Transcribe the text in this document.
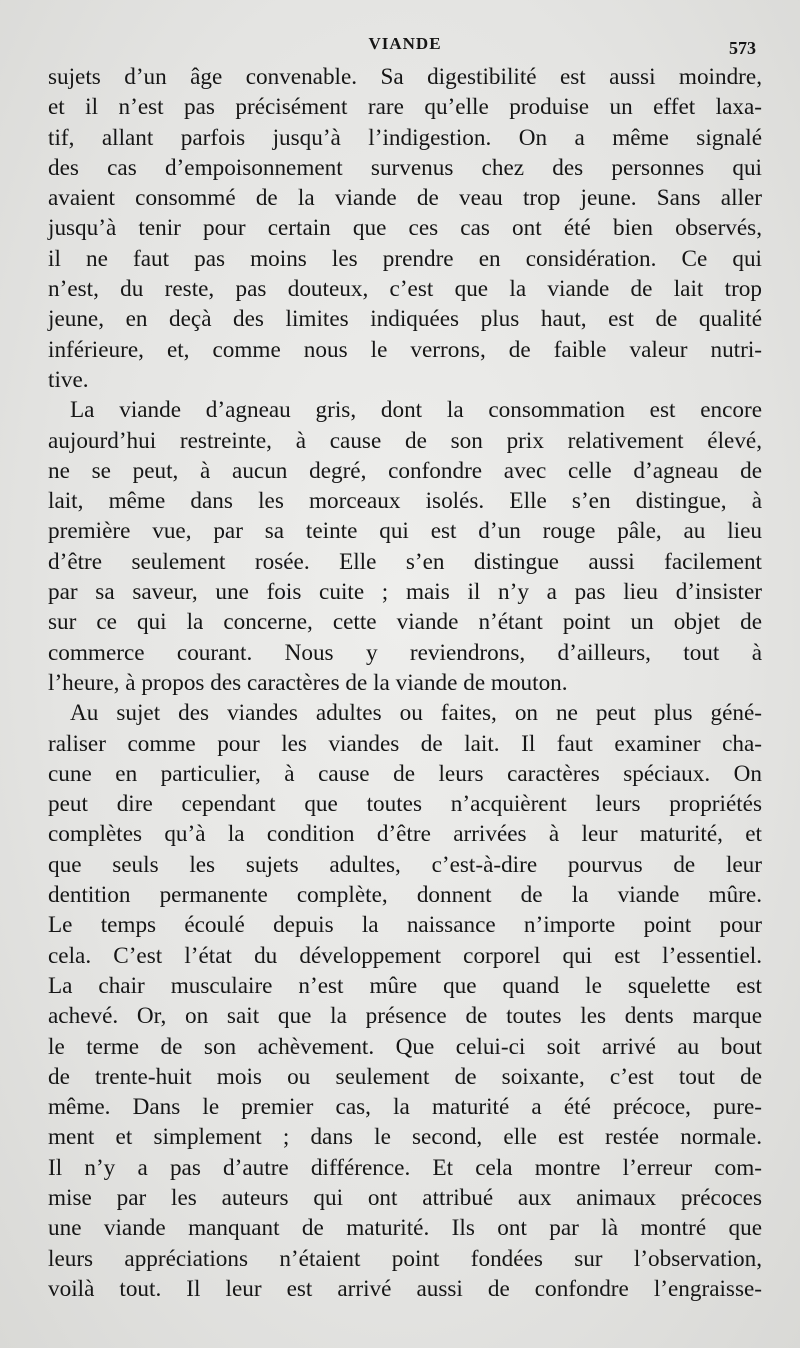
VIANDE	573
sujets d’un âge convenable. Sa digestibilité est aussi moindre,
et il n’est pas précisément rare qu’elle produise un effet laxa-
tif, allant parfois jusqu’à l’indigestion. On a même signalé
des cas d’empoisonnement survenus chez des personnes qui
avaient consommé de la viande de veau trop jeune. Sans aller
jusqu’à tenir pour certain que ces cas ont été bien observés,
il ne faut pas moins les prendre en considération. Ce qui
n’est, du reste, pas douteux, c’est que la viande de lait trop
jeune, en deçà des limites indiquées plus haut, est de qualité
inférieure, et, comme nous le verrons, de faible valeur nutri-
tive.
La viande d’agneau gris, dont la consommation est encore
aujourd’hui restreinte, à cause de son prix relativement élevé,
ne se peut, à aucun degré, confondre avec celle d’agneau de
lait, même dans les morceaux isolés. Elle s’en distingue, à
première vue, par sa teinte qui est d’un rouge pâle, au lieu
d’être seulement rosée. Elle s’en distingue aussi facilement
par sa saveur, une fois cuite ; mais il n’y a pas lieu d’insister
sur ce qui la concerne, cette viande n’étant point un objet de
commerce courant. Nous y reviendrons, d’ailleurs, tout à
l’heure, à propos des caractères de la viande de mouton.
Au sujet des viandes adultes ou faites, on ne peut plus géné-
raliser comme pour les viandes de lait. Il faut examiner cha-
cune en particulier, à cause de leurs caractères spéciaux. On
peut dire cependant que toutes n’acquièrent leurs propriétés
complètes qu’à la condition d’être arrivées à leur maturité, et
que seuls les sujets adultes, c’est-à-dire pourvus de leur
dentition permanente complète, donnent de la viande mûre.
Le temps écoulé depuis la naissance n’importe point pour
cela. C’est l’état du développement corporel qui est l’essentiel.
La chair musculaire n’est mûre que quand le squelette est
achevé. Or, on sait que la présence de toutes les dents marque
le terme de son achèvement. Que celui-ci soit arrivé au bout
de trente-huit mois ou seulement de soixante, c’est tout de
même. Dans le premier cas, la maturité a été précoce, pure-
ment et simplement ; dans le second, elle est restée normale.
Il n’y a pas d’autre différence. Et cela montre l’erreur com-
mise par les auteurs qui ont attribué aux animaux précoces
une viande manquant de maturité. Ils ont par là montré que
leurs appréciations n’étaient point fondées sur l’observation,
voilà tout. Il leur est arrivé aussi de confondre l’engraisse-
